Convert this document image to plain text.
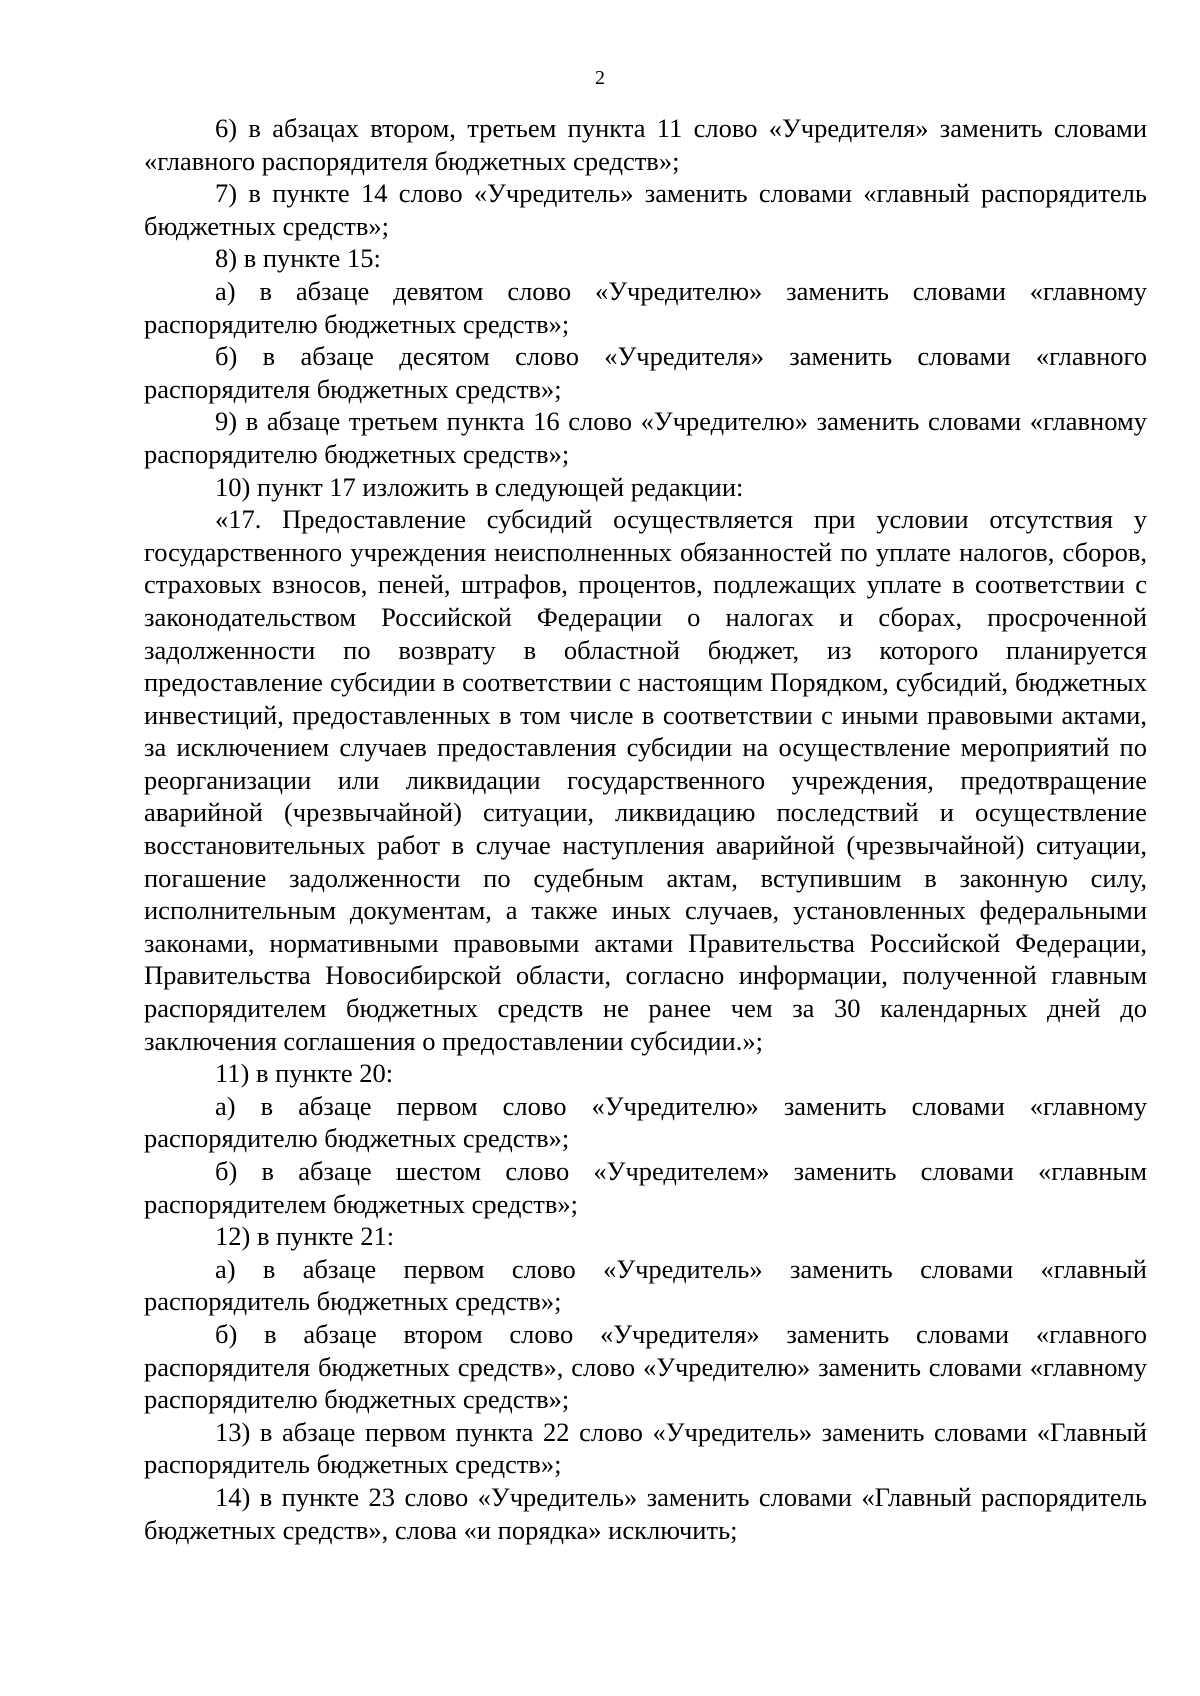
2

6) в абзацах втором, третьем пункта 11 слово «Учредителя» заменить словами «главного распорядителя бюджетных средств»;

7) в пункте 14 слово «Учредитель» заменить словами «главный распорядитель бюджетных средств»;

8) в пункте 15:

а) в абзаце девятом слово «Учредителю» заменить словами «главному распорядителю бюджетных средств»;

б) в абзаце десятом слово «Учредителя» заменить словами «главного распорядителя бюджетных средств»;

9) в абзаце третьем пункта 16 слово «Учредителю» заменить словами «главному распорядителю бюджетных средств»;

10) пункт 17 изложить в следующей редакции:

«17. Предоставление субсидий осуществляется при условии отсутствия у государственного учреждения неисполненных обязанностей по уплате налогов, сборов, страховых взносов, пеней, штрафов, процентов, подлежащих уплате в соответствии с законодательством Российской Федерации о налогах и сборах, просроченной задолженности по возврату в областной бюджет, из которого планируется предоставление субсидии в соответствии с настоящим Порядком, субсидий, бюджетных инвестиций, предоставленных в том числе в соответствии с иными правовыми актами, за исключением случаев предоставления субсидии на осуществление мероприятий по реорганизации или ликвидации государственного учреждения, предотвращение аварийной (чрезвычайной) ситуации, ликвидацию последствий и осуществление восстановительных работ в случае наступления аварийной (чрезвычайной) ситуации, погашение задолженности по судебным актам, вступившим в законную силу, исполнительным документам, а также иных случаев, установленных федеральными законами, нормативными правовыми актами Правительства Российской Федерации, Правительства Новосибирской области, согласно информации, полученной главным распорядителем бюджетных средств не ранее чем за 30 календарных дней до заключения соглашения о предоставлении субсидии.»;

11) в пункте 20:

а) в абзаце первом слово «Учредителю» заменить словами «главному распорядителю бюджетных средств»;

б) в абзаце шестом слово «Учредителем» заменить словами «главным распорядителем бюджетных средств»;

12) в пункте 21:

а) в абзаце первом слово «Учредитель» заменить словами «главный распорядитель бюджетных средств»;

б) в абзаце втором слово «Учредителя» заменить словами «главного распорядителя бюджетных средств», слово «Учредителю» заменить словами «главному распорядителю бюджетных средств»;

13) в абзаце первом пункта 22 слово «Учредитель» заменить словами «Главный распорядитель бюджетных средств»;

14) в пункте 23 слово «Учредитель» заменить словами «Главный распорядитель бюджетных средств», слова «и порядка» исключить;
